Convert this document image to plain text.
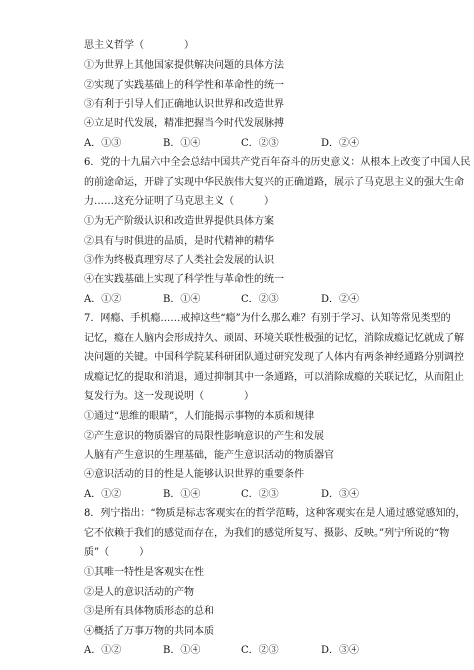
思主义哲学（　　　　）
①为世界上其他国家提供解决问题的具体方法
②实现了实践基础上的科学性和革命性的统一
③有利于引导人们正确地认识世界和改造世界
④立足时代发展，精准把握当今时代发展脉搏
A．①③	B．①④	C．②③	D．②④
6．党的十九届六中全会总结中国共产党百年奋斗的历史意义：从根本上改变了中国人民
的前途命运，开辟了实现中华民族伟大复兴的正确道路，展示了马克思主义的强大生命
力……这充分证明了马克思主义（　　　）
①为无产阶级认识和改造世界提供具体方案
②具有与时俱进的品质，是时代精神的精华
③作为终极真理穷尽了人类社会发展的认识
④在实践基础上实现了科学性与革命性的统一
A．①②	B．①④	C．②③	D．②④
7．网瘾、手机瘾……戒掉这些“瘾”为什么那么难？有别于学习、认知等常见类型的
记忆，瘾在人脑内会形成持久、顽固、环境关联性极强的记忆，消除成瘾记忆就成了解
决问题的关键。中国科学院某科研团队通过研究发现了人体内有两条神经通路分别调控
成瘾记忆的提取和消退，通过抑制其中一条通路，可以消除成瘾的关联记忆，从而阻止
复发行为。这一发现说明（　　　　）
①通过“思维的眼睛”，人们能揭示事物的本质和规律
②产生意识的物质器官的局限性影响意识的产生和发展
人脑有产生意识的生理基础，能产生意识活动的物质器官
④意识活动的目的性是人能够认识世界的重要条件
A．①②	B．①④	C．②③	D．③④
8．列宁指出：“物质是标志客观实在的哲学范畴，这种客观实在是人通过感觉感知的，
它不依赖于我们的感觉而存在，为我们的感觉所复写、摄影、反映。”列宁所说的“物
质”（　　　）
①其唯一特性是客观实在性
②是人的意识活动的产物
③是所有具体物质形态的总和
④概括了万事万物的共同本质
A．①②	B．①④	C．②③	D．③④
